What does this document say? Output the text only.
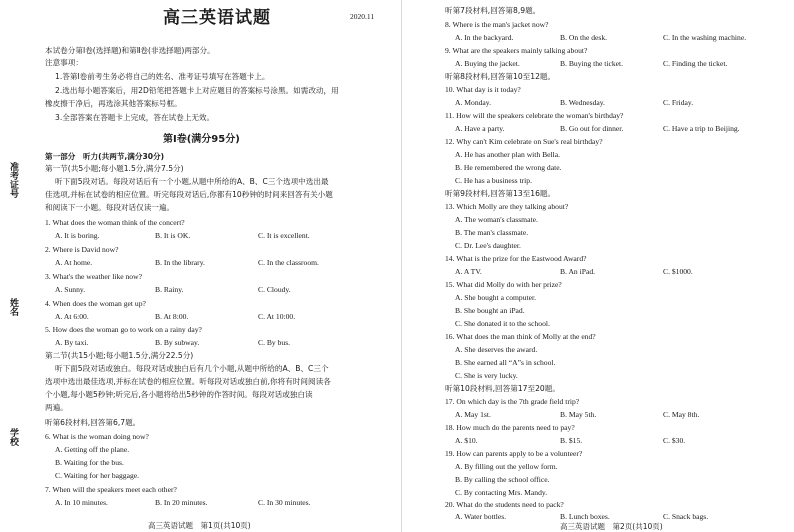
准考证号
姓名
学校
高三英语试题	2020.11
本试卷分第Ⅰ卷(选择题)和第Ⅱ卷(非选择题)两部分。
注意事项：
1.答第Ⅰ卷前考生务必将自己的姓名、准考证号填写在答题卡上。
2.选出每小题答案后，用2D铅笔把答题卡上对应题目的答案标号涂黑。如需改动，用
橡皮擦干净后，再选涂其他答案标号框。
3.全部答案在答题卡上完成，答在试卷上无效。
第Ⅰ卷(满分95分)
第一部分　听力(共两节,满分30分)
第一节(共5小题;每小题1.5分,满分7.5分)
听下面5段对话。每段对话后有一个小题,从题中所给的A、B、C三个选项中选出最
佳选项,并标在试卷的相应位置。听完每段对话后,你都有10秒钟的时间来回答有关小题
和阅读下一小题。每段对话仅读一遍。
1. What does the woman think of the concert?
A. It is boring.	B. It is OK.	C. It is excellent.
2. Where is David now?
A. At home.	B. In the library.	C. In the classroom.
3. What's the weather like now?
A. Sunny.	B. Rainy.	C. Cloudy.
4. When does the woman get up?
A. At 6:00.	B. At 8:00.	C. At 10:00.
5. How does the woman go to work on a rainy day?
A. By taxi.	B. By subway.	C. By bus.
第二节(共15小题;每小题1.5分,满分22.5分)
听下面5段对话或独白。每段对话或独白后有几个小题,从题中所给的A、B、C三个
选项中选出最佳选项,并标在试卷的相应位置。听每段对话或独白前,你将有时间阅读各
个小题,每小题5秒钟;听完后,各小题将给出5秒钟的作答时间。每段对话或独白读
两遍。
听第6段材料,回答第6,7题。
6. What is the woman doing now?
A. Getting off the plane.
B. Waiting for the bus.
C. Waiting for her baggage.
7. When will the speakers meet each other?
A. In 10 minutes.	B. In 20 minutes.	C. In 30 minutes.
高三英语试题　第1页(共10页)
听第7段材料,回答第8,9题。
8. Where is the man's jacket now?
A. In the backyard.	B. On the desk.	C. In the washing machine.
9. What are the speakers mainly talking about?
A. Buying the jacket.	B. Buying the ticket.	C. Finding the ticket.
听第8段材料,回答第10至12题。
10. What day is it today?
A. Monday.	B. Wednesday.	C. Friday.
11. How will the speakers celebrate the woman's birthday?
A. Have a party.	B. Go out for dinner.	C. Have a trip to Beijing.
12. Why can't Kim celebrate on Sue's real birthday?
A. He has another plan with Bella.
B. He remembered the wrong date.
C. He has a business trip.
听第9段材料,回答第13至16题。
13. Which Molly are they talking about?
A. The woman's classmate.
B. The man's classmate.
C. Dr. Lee's daughter.
14. What is the prize for the Eastwood Award?
A. A TV.	B. An iPad.	C. $1000.
15. What did Molly do with her prize?
A. She bought a computer.
B. She bought an iPad.
C. She donated it to the school.
16. What does the man think of Molly at the end?
A. She deserves the award.
B. She earned all “A”s in school.
C. She is very lucky.
听第10段材料,回答第17至20题。
17. On which day is the 7th grade field trip?
A. May 1st.	B. May 5th.	C. May 8th.
18. How much do the parents need to pay?
A. $10.	B. $15.	C. $30.
19. How can parents apply to be a volunteer?
A. By filling out the yellow form.
B. By calling the school office.
C. By contacting Mrs. Mandy.
20. What do the students need to pack?
A. Water bottles.	B. Lunch boxes.	C. Snack bags.
高三英语试题　第2页(共10页)
